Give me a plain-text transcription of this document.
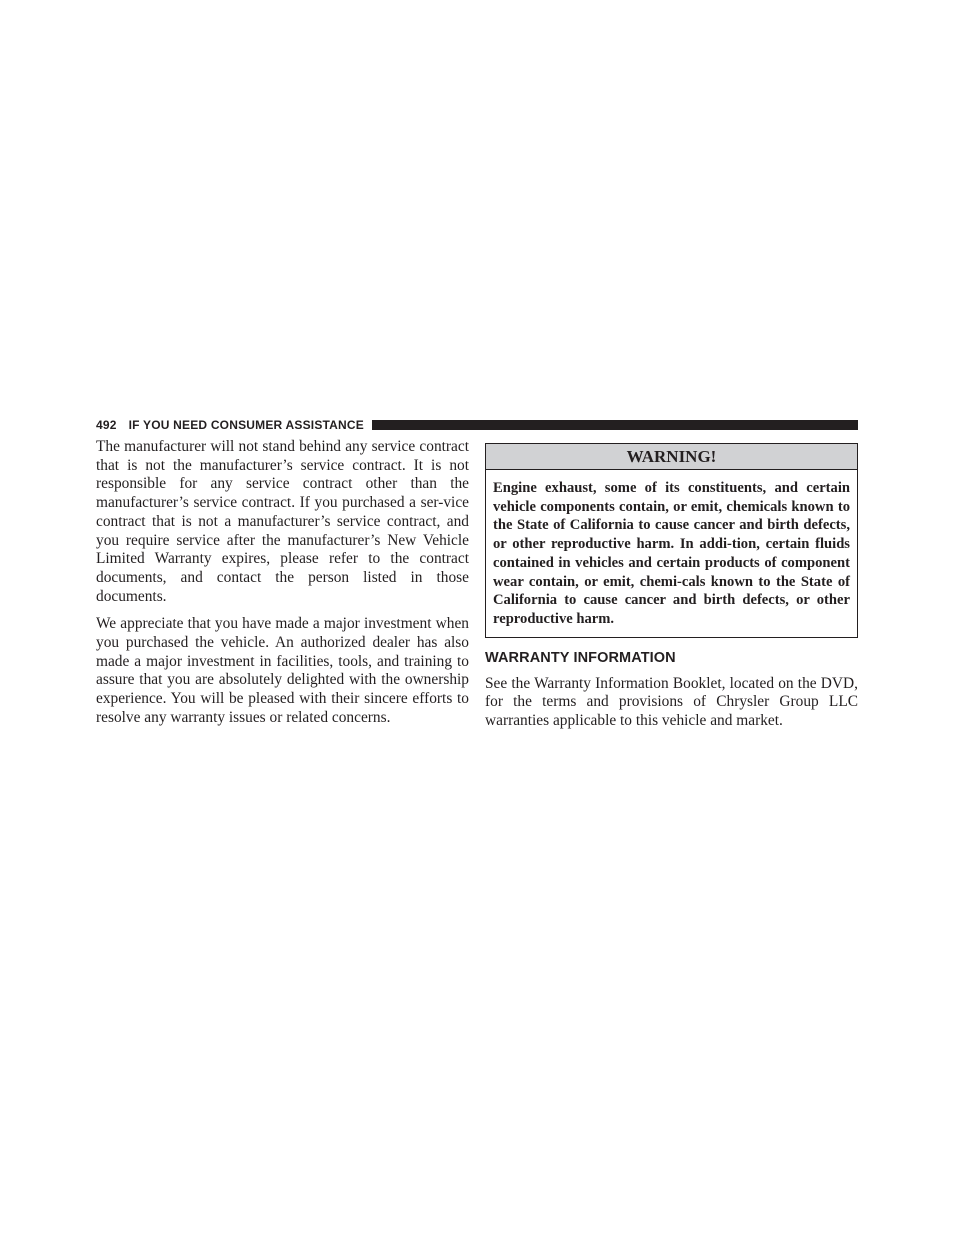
492 IF YOU NEED CONSUMER ASSISTANCE

The manufacturer will not stand behind any service contract that is not the manufacturer’s service contract. It is not responsible for any service contract other than the manufacturer’s service contract. If you purchased a ser-vice contract that is not a manufacturer’s service contract, and you require service after the manufacturer’s New Vehicle Limited Warranty expires, please refer to the contract documents, and contact the person listed in those documents.

We appreciate that you have made a major investment when you purchased the vehicle. An authorized dealer has also made a major investment in facilities, tools, and training to assure that you are absolutely delighted with the ownership experience. You will be pleased with their sincere efforts to resolve any warranty issues or related concerns.

WARNING!
Engine exhaust, some of its constituents, and certain vehicle components contain, or emit, chemicals known to the State of California to cause cancer and birth defects, or other reproductive harm. In addi-tion, certain fluids contained in vehicles and certain products of component wear contain, or emit, chemi-cals known to the State of California to cause cancer and birth defects, or other reproductive harm.
WARRANTY INFORMATION

See the Warranty Information Booklet, located on the DVD, for the terms and provisions of Chrysler Group LLC warranties applicable to this vehicle and market.
